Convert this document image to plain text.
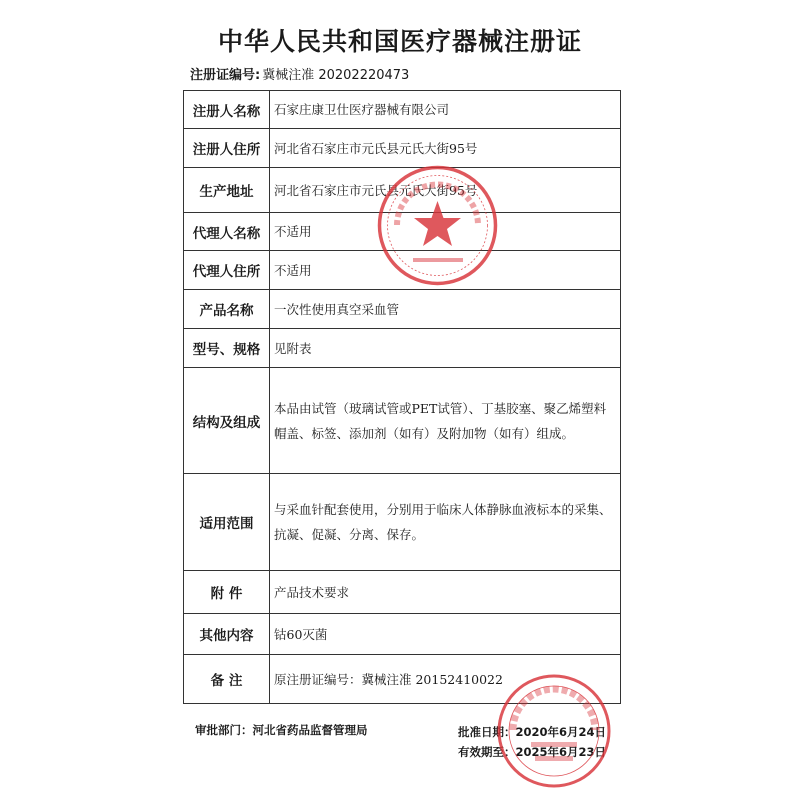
中华人民共和国医疗器械注册证
注册证编号: 冀械注准 20202220473
注册人名称	石家庄康卫仕医疗器械有限公司
注册人住所	河北省石家庄市元氏县元氏大街95号
生产地址	河北省石家庄市元氏县元氏大街95号
代理人名称	不适用
代理人住所	不适用
产品名称	一次性使用真空采血管
型号、规格	见附表
结构及组成	本品由试管（玻璃试管或PET试管）、丁基胶塞、聚乙烯塑料帽盖、标签、添加剂（如有）及附加物（如有）组成。
适用范围	与采血针配套使用，分别用于临床人体静脉血液标本的采集、抗凝、促凝、分离、保存。
附 件	产品技术要求
其他内容	钴60灭菌
备 注	原注册证编号：冀械注准 20152410022
审批部门：河北省药品监督管理局	批准日期：2020年6月24日
有效期至：2025年6月23日
